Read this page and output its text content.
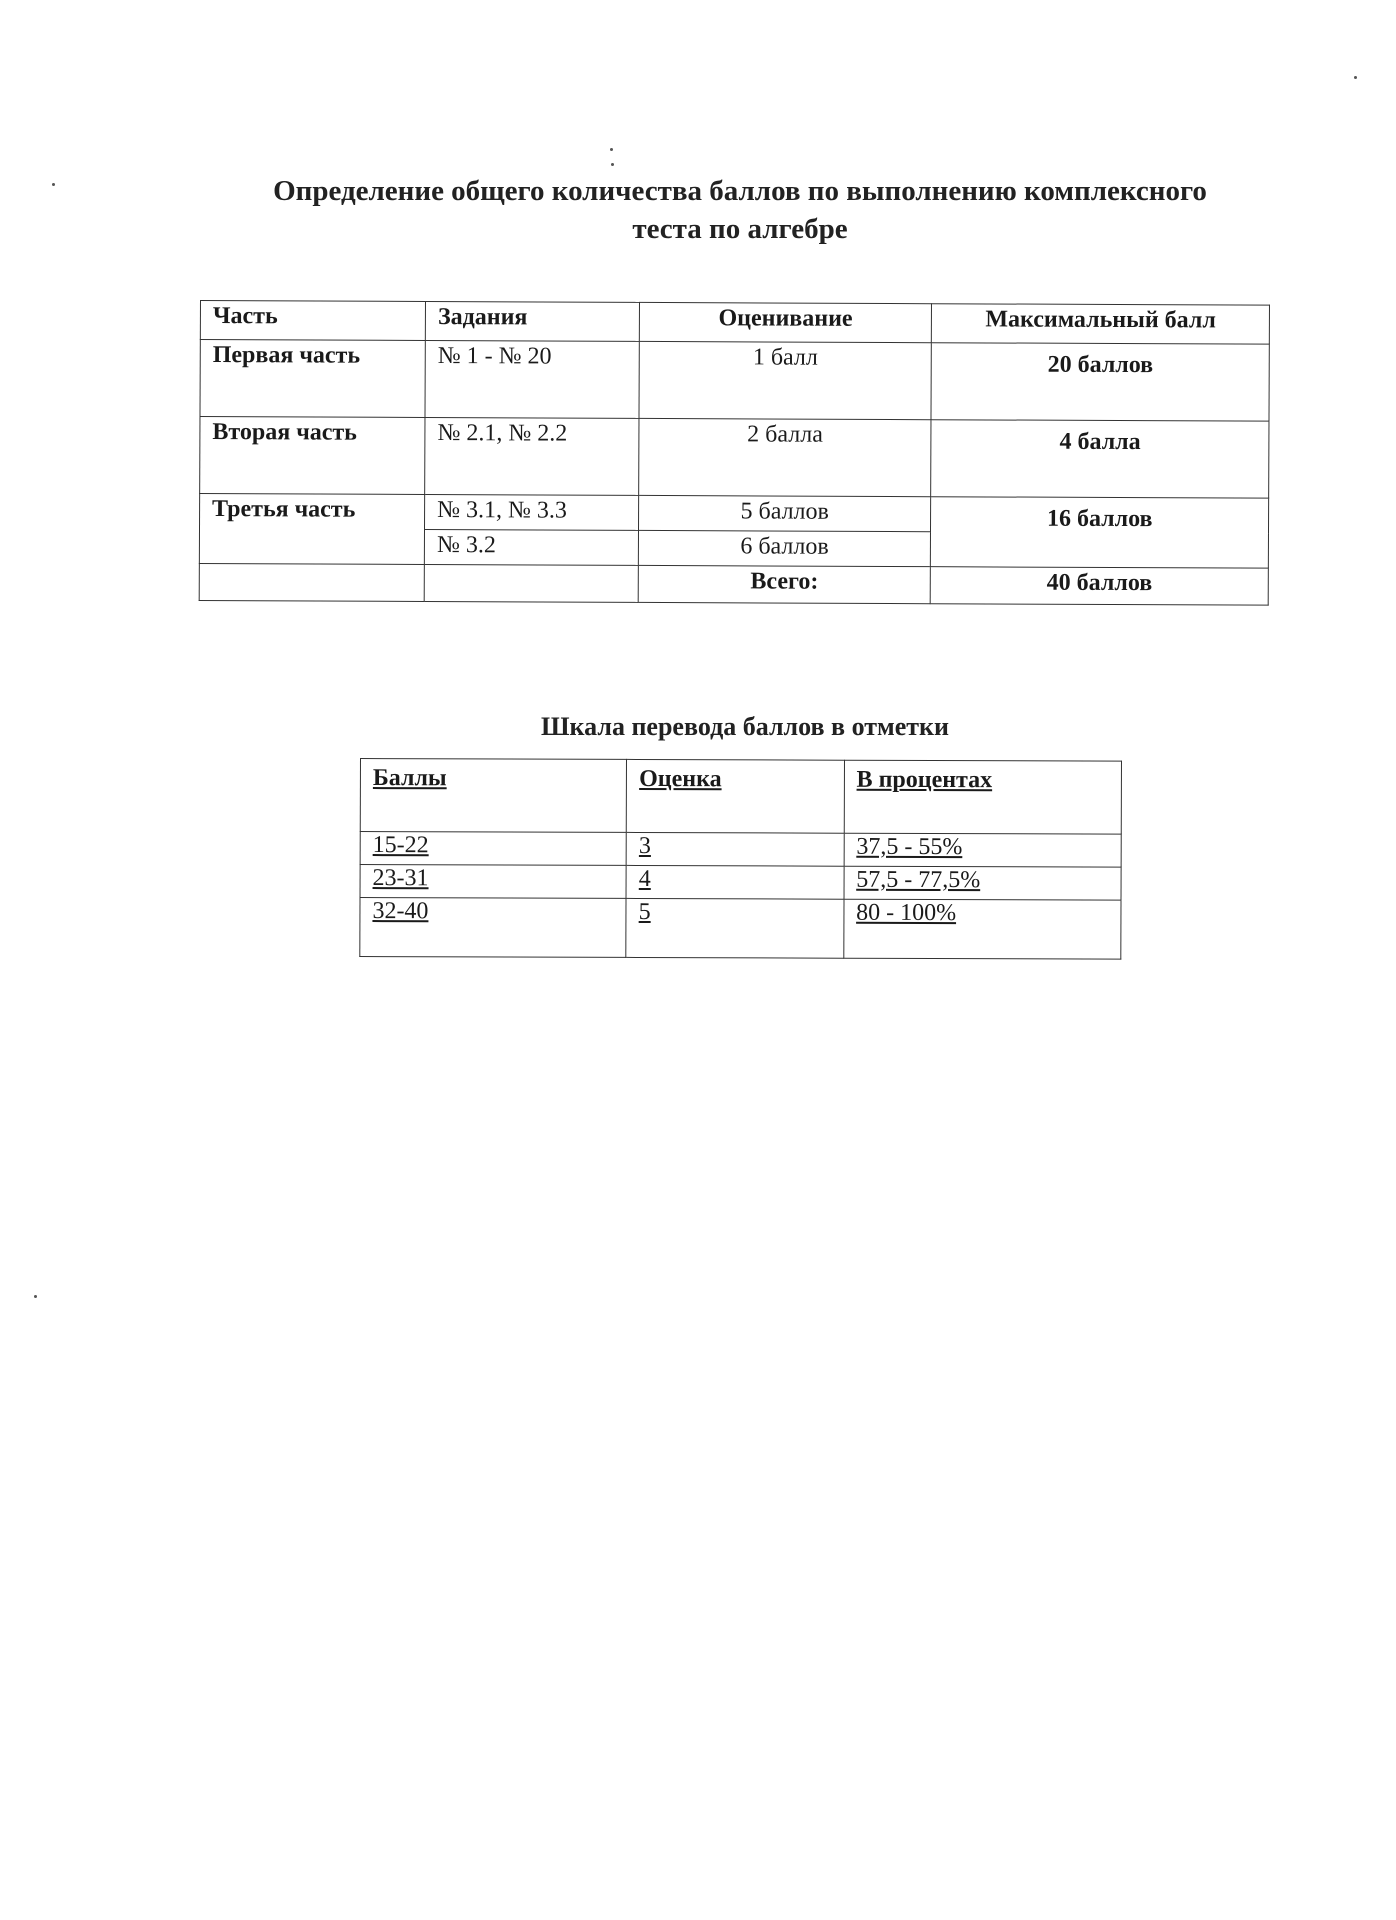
Определение общего количества баллов по выполнению комплексного
теста по алгебре
Часть	Задания	Оценивание	Максимальный балл
Первая часть	№ 1 - № 20	1 балл	20 баллов
Вторая часть	№ 2.1, № 2.2	2 балла	4 балла
Третья часть	№ 3.1, № 3.3	5 баллов	16 баллов
	№ 3.2	6 баллов	
		Всего:	40 баллов
Шкала перевода баллов в отметки
Баллы	Оценка	В процентах
15-22	3	37,5 - 55%
23-31	4	57,5 - 77,5%
32-40	5	80 - 100%
